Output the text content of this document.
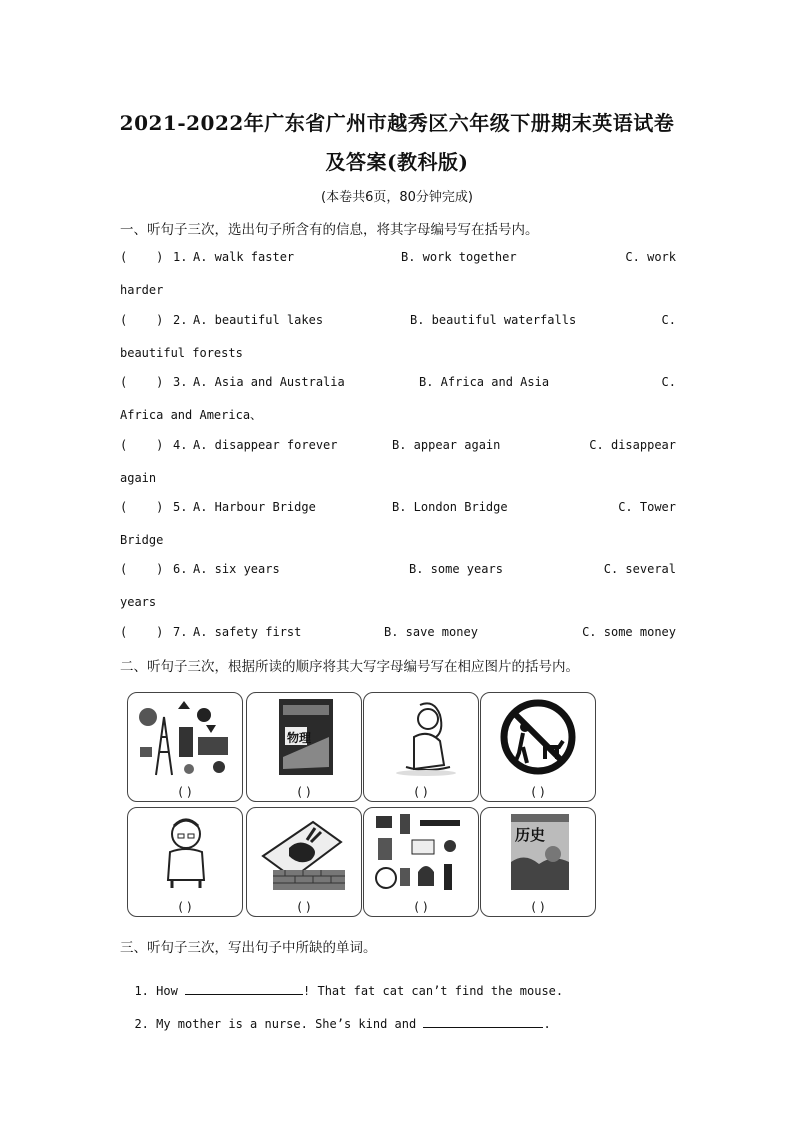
2021-2022年广东省广州市越秀区六年级下册期末英语试卷
及答案(教科版)
(本卷共6页，80分钟完成)
一、听句子三次，选出句子所含有的信息，将其字母编号写在括号内。
(    ) 1. A. walk faster	B. work together	C. work
harder
(    ) 2. A. beautiful lakes	B. beautiful waterfalls	C.
beautiful forests
(    ) 3. A. Asia and Australia	B. Africa and Asia	C.
Africa and America、
(    ) 4. A. disappear forever	B. appear again	C. disappear
again
(    ) 5. A. Harbour Bridge	B. London Bridge	C. Tower
Bridge
(    ) 6. A. six years	B. some years	C. several
years
(    ) 7. A. safety first	B. save money	C. some money
二、听句子三次，根据所读的顺序将其大写字母编号写在相应图片的括号内。
( )
物理
( )	( )	( )
( )	( )	( )
历史
( )
三、听句子三次，写出句子中所缺的单词。

1. How	! That fat cat can’t find the mouse.

2. My mother is a nurse. She’s kind and	.
